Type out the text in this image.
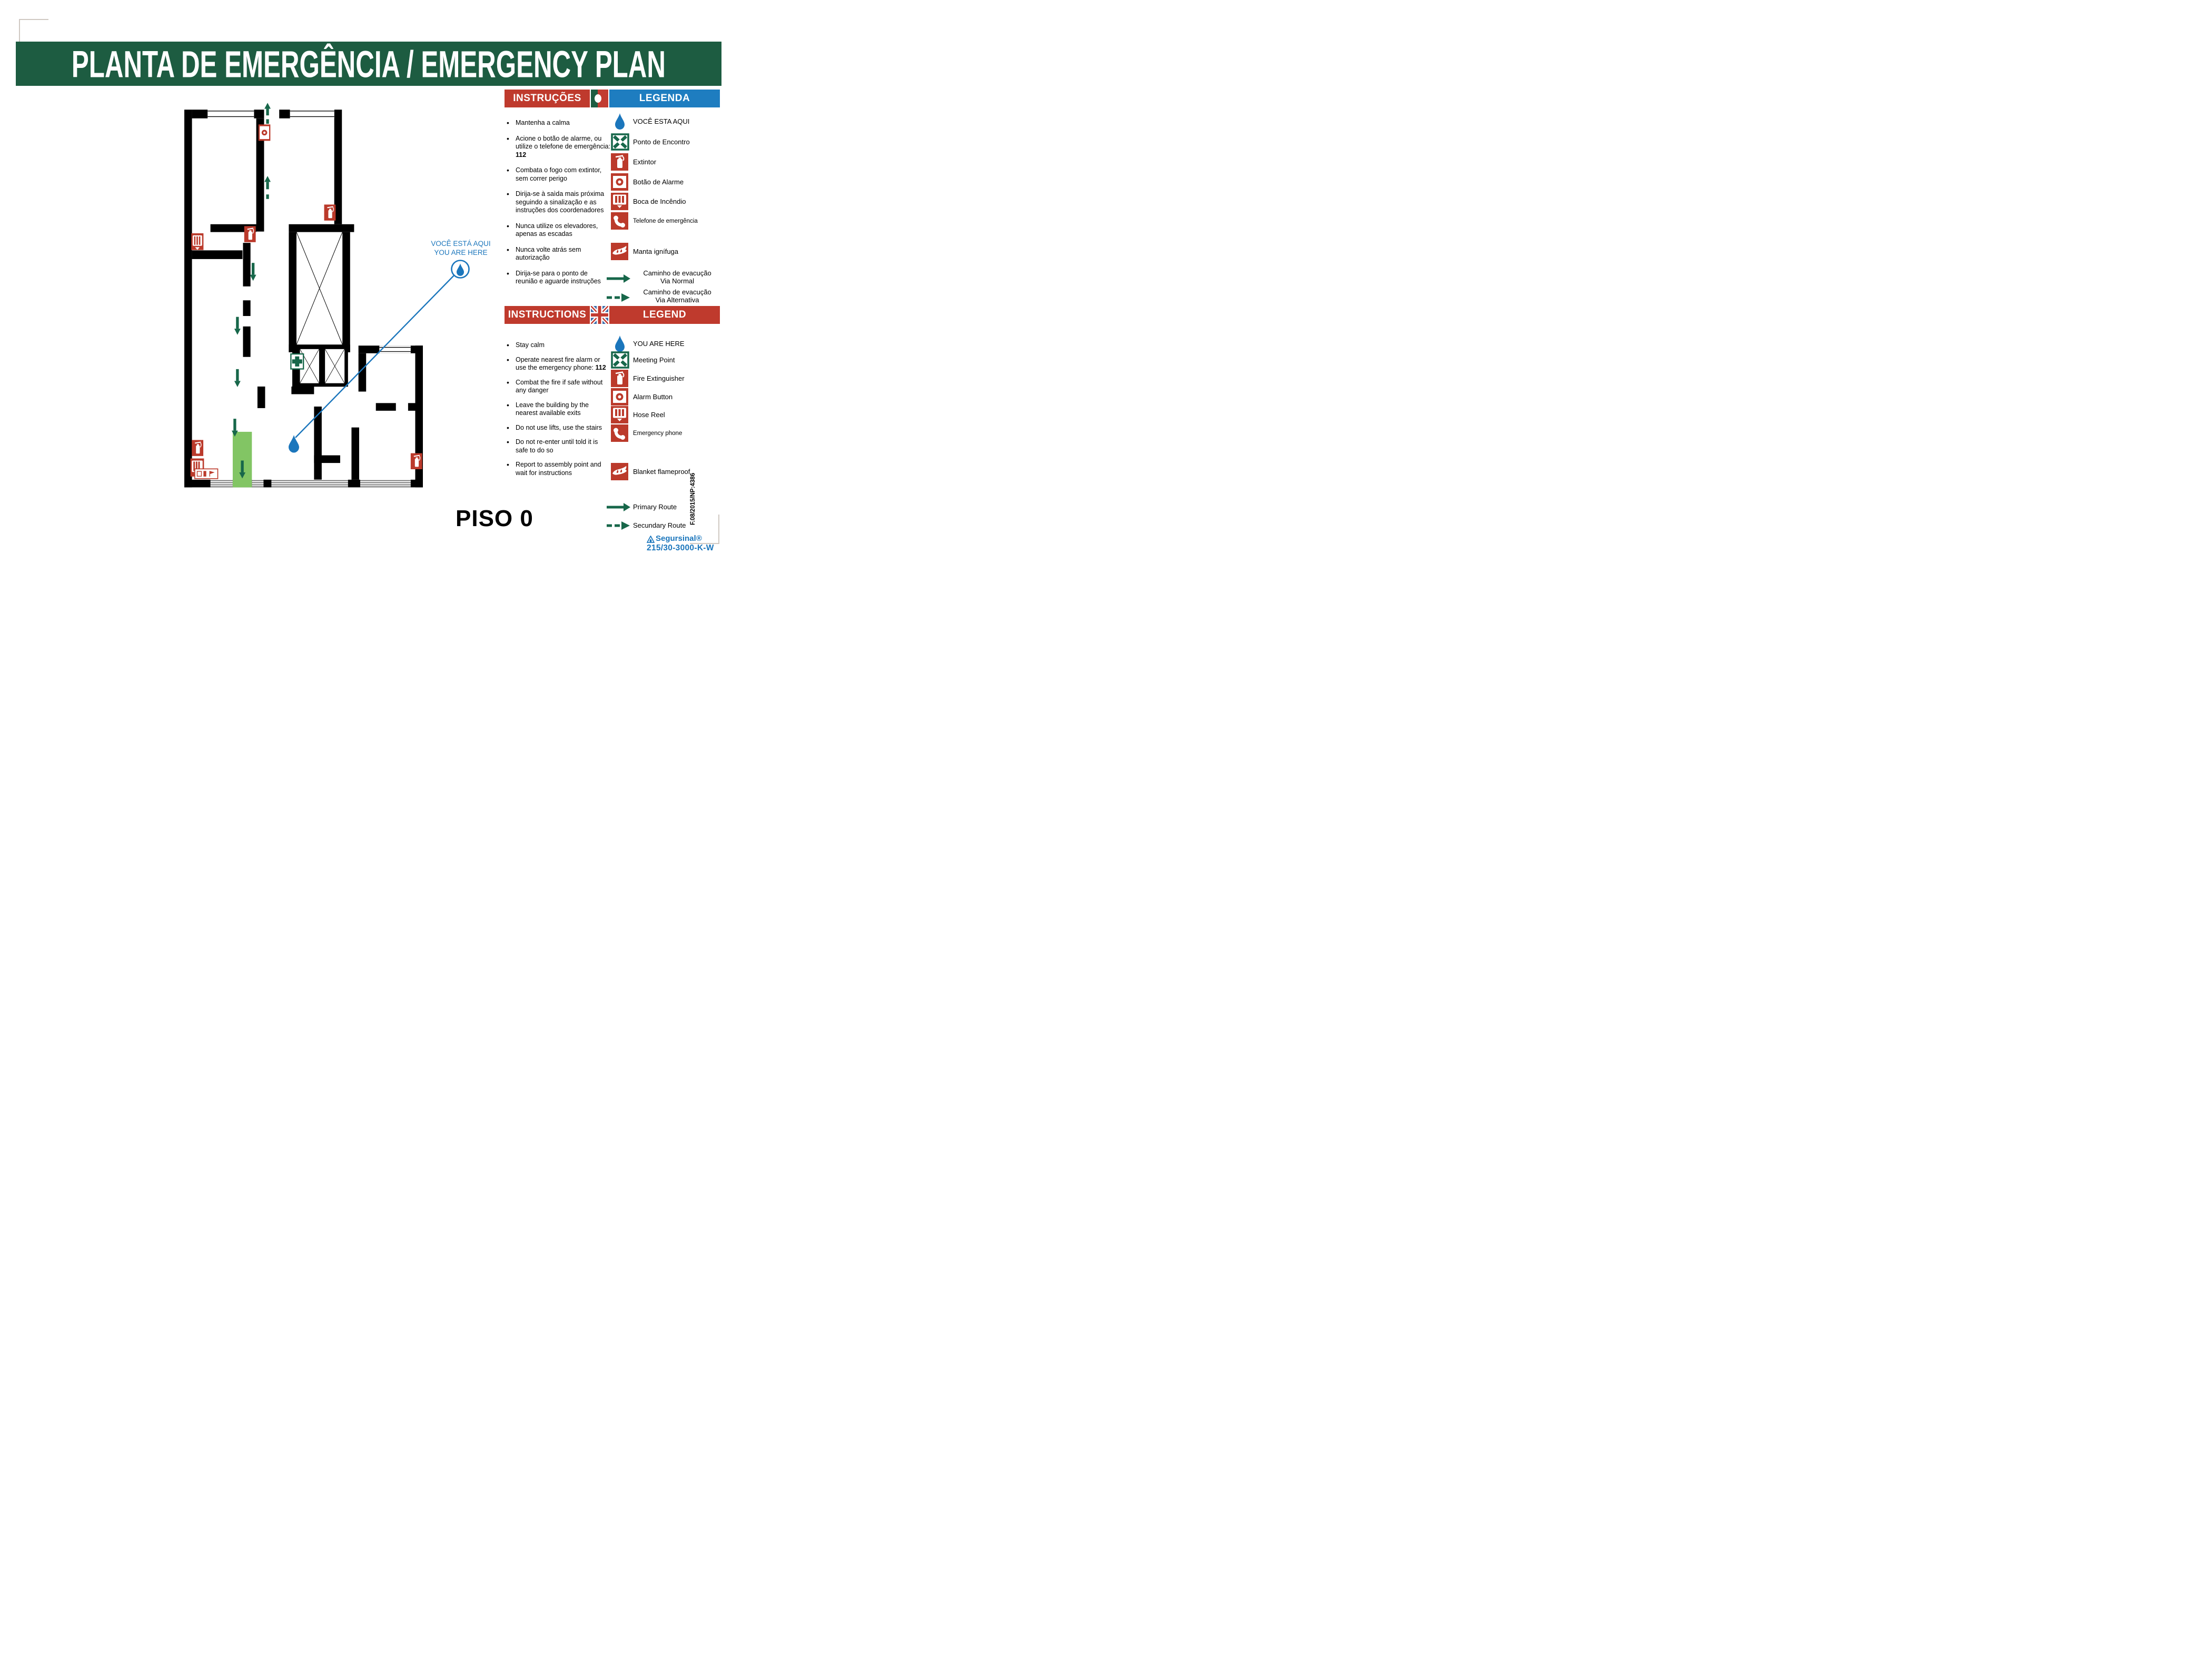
PLANTA DE EMERGÊNCIA / EMERGENCY PLAN
VOCÊ ESTÁ AQUI
YOU ARE HERE
PISO 0
INSTRUÇÕES	LEGENDA
• Mantenha a calma
• Acione o botão de alarme, ou utilize o telefone de emergência: 112
• Combata o fogo com extintor, sem correr perigo
• Dirija-se à saìda mais próxima seguindo a sinalização e as instruções dos coordenadores
• Nunca utilize os elevadores, apenas as escadas
• Nunca volte atrás sem autorização
• Dirija-se para o ponto de reunião e aguarde instruções
VOCÊ ESTA AQUI
Ponto de Encontro
Extintor
Botão de Alarme
Boca de Incêndio
Telefone de emergência
Manta ignífuga
Caminho de evacução
Via Normal
Caminho de evacução
Via Alternativa
INSTRUCTIONS	LEGEND
• Stay calm
• Operate nearest fire alarm or use the emergency phone: 112
• Combat the fire if safe without any danger
• Leave the building by the nearest available exits
• Do not use lifts, use the stairs
• Do not re-enter until told it is safe to do so
• Report to assembly point and wait for instructions
YOU ARE HERE
Meeting Point
Fire Extinguisher
Alarm Button
Hose Reel
Emergency phone
Blanket flameproof
Primary Route
Secundary Route
Segursinal®
215/30-3000-K-W
F.08/2015/NP:4386
